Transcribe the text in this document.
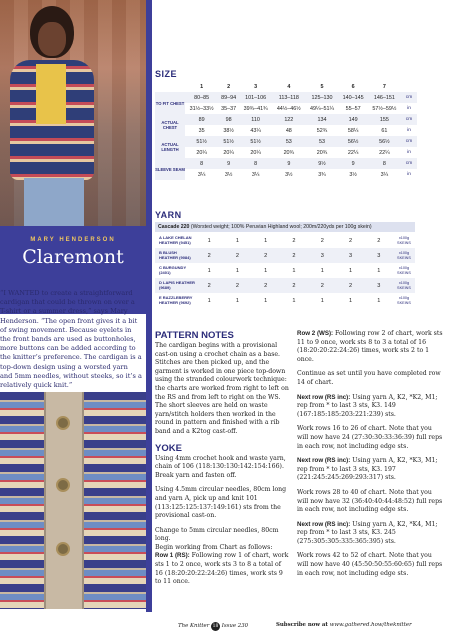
MARY HENDERSON
Claremont
“I WANTED to create a straightforward cardigan that could be thrown on over a T-shirt or a summer dress,” says Mary Henderson. “The open front gives it a bit of swing movement. Because eyelets in the front bands are used as buttonholes, more buttons can be added according to the knitter’s preference. The cardigan is a top-down design using a worsted yarn and 5mm needles, without steeks, so it’s a relatively quick knit.”
SIZE
	1	2	3	4	5	6	7	
TO FIT CHEST	80–85	89–94	101–106	113–118	125–130	140–145	146–151	cm
	31½–33½	35–37	39¾–41¾	44½–46½	49¼–51¼	55–57	57½–59½	in
ACTUAL CHEST	89	98	110	122	134	149	155	cm
	35	38½	43¼	48	52¾	58¼	61	in
ACTUAL LENGTH	51½	51½	51½	53	53	56½	56½	cm
	20¼	20¼	20¼	20¾	20¾	22¼	22¼	in
SLEEVE SEAM	8	9	8	9	9½	9	8	cm
	3¼	3½	3¼	3½	3¾	3½	3¼	in
YARN
Cascade 220 (Worsted weight; 100% Peruvian Highland wool; 200m/220yds per 100g skein)
A LAKE CHELAN HEATHER (9451)	1	1	1	2	2	2	2	x100g SKEINS
B BLUSH HEATHER (9084)	2	2	2	2	3	3	3	x100g SKEINS
C BURGUNDY (2401)	1	1	1	1	1	1	1	x100g SKEINS
D LAPIS HEATHER (9689)	2	2	2	2	2	2	3	x100g SKEINS
E RAZZLEBERRY HEATHER (9692)	1	1	1	1	1	1	1	x100g SKEINS
PATTERN NOTES

The cardigan begins with a provisional cast-on using a crochet chain as a base. Stitches are then picked up, and the garment is worked in one piece top-down using the stranded colourwork technique: the charts are worked from right to left on the RS and from left to right on the WS. The short sleeves are held on waste yarn/stitch holders then worked in the round in pattern and finished with a rib band and a K2tog cast-off.

YOKE

Using 4mm crochet hook and waste yarn, chain of 106 (118:130:130:142:154:166). Break yarn and fasten off.

Using 4.5mm circular needles, 80cm long and yarn A, pick up and knit 101 (113:125:125:137:149:161) sts from the provisional cast-on.

Change to 5mm circular needles, 80cm long.

Begin working from Chart as follows:

Row 1 (RS): Following row 1 of chart, work sts 1 to 2 once, work sts 3 to 8 a total of 16 (18:20:20:22:24:26) times, work sts 9 to 11 once.

Row 2 (WS): Following row 2 of chart, work sts 11 to 9 once, work sts 8 to 3 a total of 16 (18:20:20:22:24:26) times, work sts 2 to 1 once.

Continue as set until you have completed row 14 of chart.

Next row (RS inc): Using yarn A, K2, *K2, M1; rep from * to last 3 sts, K3. 149 (167:185:185:203:221:239) sts.

Work rows 16 to 26 of chart. Note that you will now have 24 (27:30:30:33:36:39) full reps in each row, not including edge sts.

Next row (RS inc): Using yarn A, K2, *K3, M1; rep from * to last 3 sts, K3. 197 (221:245:245:269:293:317) sts.

Work rows 28 to 40 of chart. Note that you will now have 32 (36:40:40:44:48:52) full reps in each row, not including edge sts.

Next row (RS inc): Using yarn A, K2, *K4, M1; rep from * to last 3 sts, K3. 245 (275:305:305:335:365:395) sts.

Work rows 42 to 52 of chart. Note that you will now have 40 (45:50:50:55:60:65) full reps in each row, not including edge sts.

The Knitter 18 Issue 230	Subscribe now at www.gathered.how/theknitter
